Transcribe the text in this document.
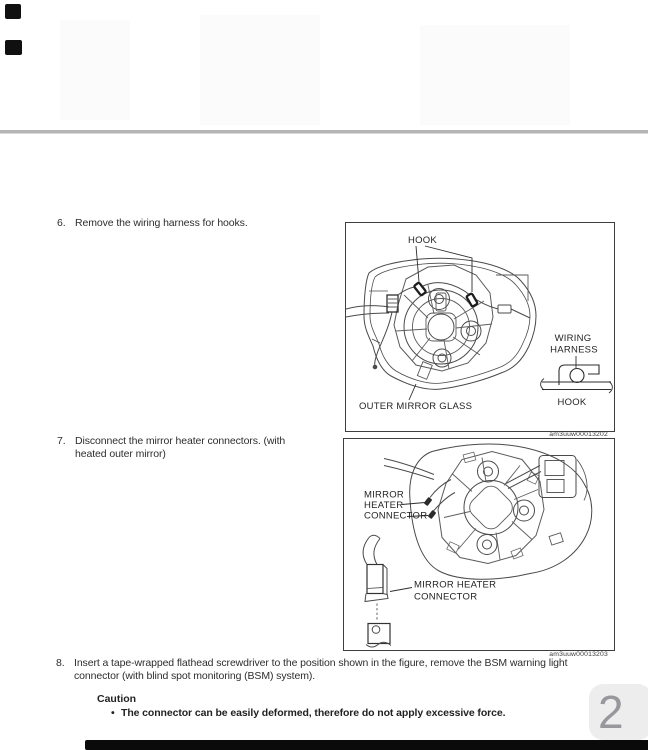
6. Remove the wiring harness for hooks.
HOOK
WIRING
HARNESS
HOOK
OUTER MIRROR GLASS
am3uuw00013202
7. Disconnect the mirror heater connectors. (with heated outer mirror)
MIRROR
HEATER
CONNECTOR
MIRROR HEATER
CONNECTOR
am3uuw00013203
8. Insert a tape-wrapped flathead screwdriver to the position shown in the figure, remove the BSM warning light connector (with blind spot monitoring (BSM) system).
Caution
• The connector can be easily deformed, therefore do not apply excessive force. 2
